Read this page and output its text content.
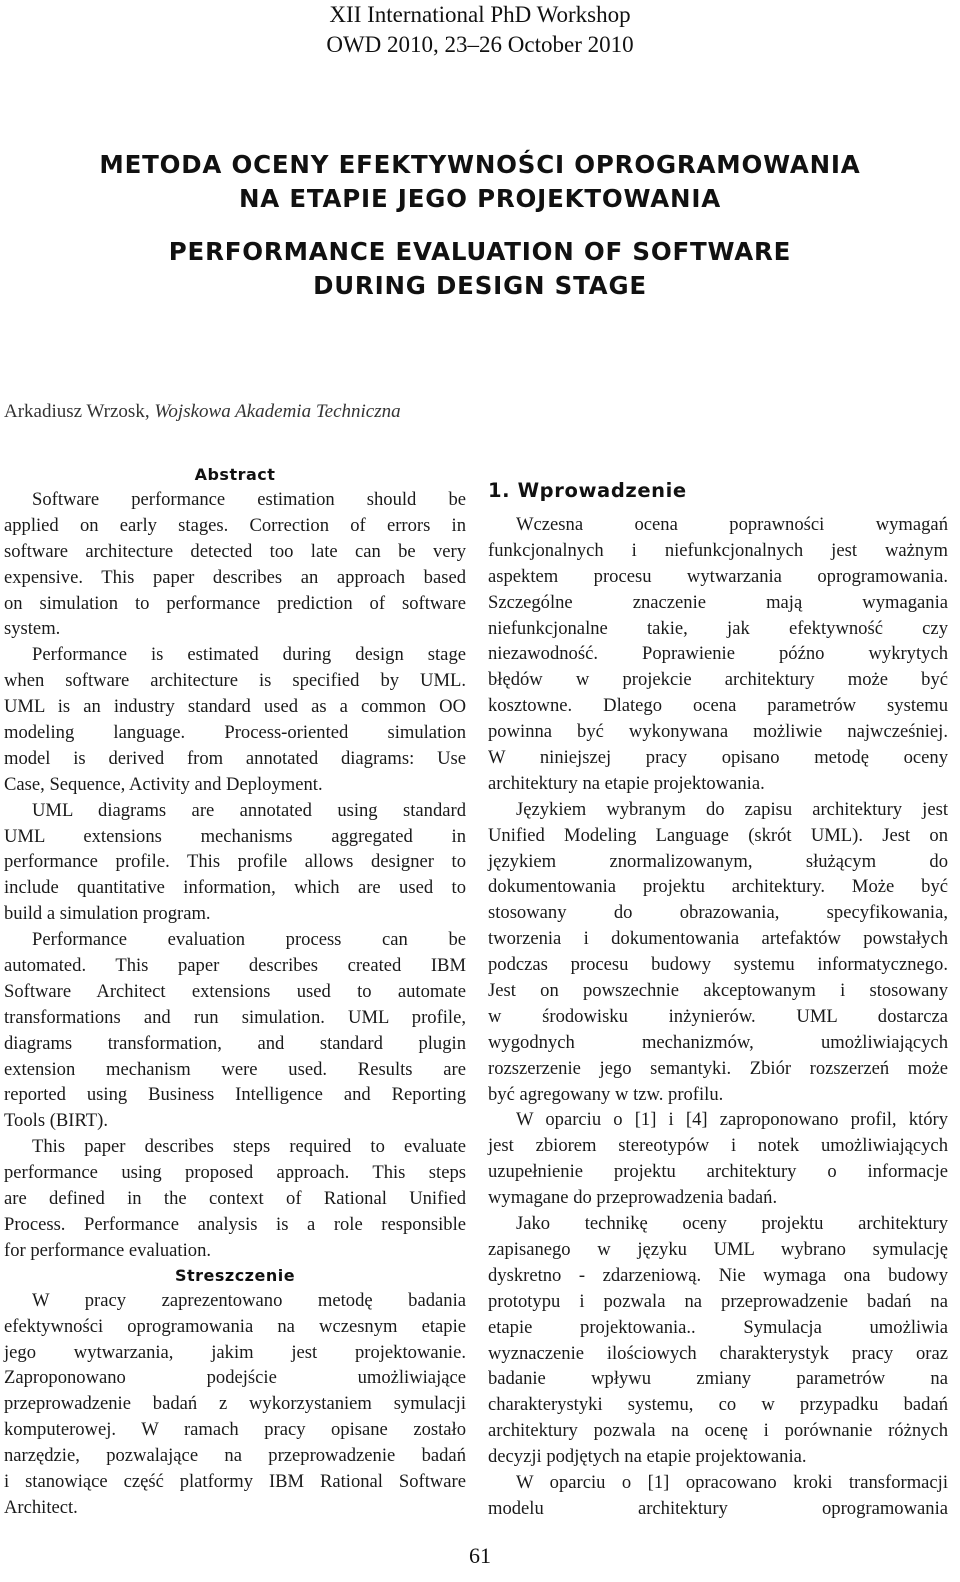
XII International PhD Workshop
OWD 2010, 23–26 October 2010
METODA OCENY EFEKTYWNOŚCI OPROGRAMOWANIA
NA ETAPIE JEGO PROJEKTOWANIA
PERFORMANCE EVALUATION OF SOFTWARE
DURING DESIGN STAGE
Arkadiusz Wrzosk, Wojskowa Akademia Techniczna
Abstract
Software performance estimation should be
applied on early stages. Correction of errors in
software architecture detected too late can be very
expensive. This paper describes an approach based
on simulation to performance prediction of software
system.
Performance is estimated during design stage
when software architecture is specified by UML.
UML is an industry standard used as a common OO
modeling language. Process-oriented simulation
model is derived from annotated diagrams: Use
Case, Sequence, Activity and Deployment.
UML diagrams are annotated using standard
UML extensions mechanisms aggregated in
performance profile. This profile allows designer to
include quantitative information, which are used to
build a simulation program.
Performance evaluation process can be
automated. This paper describes created IBM
Software Architect extensions used to automate
transformations and run simulation. UML profile,
diagrams transformation, and standard plugin
extension mechanism were used. Results are
reported using Business Intelligence and Reporting
Tools (BIRT).
This paper describes steps required to evaluate
performance using proposed approach. This steps
are defined in the context of Rational Unified
Process. Performance analysis is a role responsible
for performance evaluation.
Streszczenie
W pracy zaprezentowano metodę badania
efektywności oprogramowania na wczesnym etapie
jego wytwarzania, jakim jest projektowanie.
Zaproponowano podejście umożliwiające
przeprowadzenie badań z wykorzystaniem symulacji
komputerowej. W ramach pracy opisane zostało
narzędzie, pozwalające na przeprowadzenie badań
i stanowiące część platformy IBM Rational Software
Architect.
1. Wprowadzenie
Wczesna ocena poprawności wymagań
funkcjonalnych i niefunkcjonalnych jest ważnym
aspektem procesu wytwarzania oprogramowania.
Szczególne znaczenie mają wymagania
niefunkcjonalne takie, jak efektywność czy
niezawodność. Poprawienie późno wykrytych
błędów w projekcie architektury może być
kosztowne. Dlatego ocena parametrów systemu
powinna być wykonywana możliwie najwcześniej.
W niniejszej pracy opisano metodę oceny
architektury na etapie projektowania.
Językiem wybranym do zapisu architektury jest
Unified Modeling Language (skrót UML). Jest on
językiem znormalizowanym, służącym do
dokumentowania projektu architektury. Może być
stosowany do obrazowania, specyfikowania,
tworzenia i dokumentowania artefaktów powstałych
podczas procesu budowy systemu informatycznego.
Jest on powszechnie akceptowanym i stosowany
w środowisku inżynierów. UML dostarcza
wygodnych mechanizmów, umożliwiających
rozszerzenie jego semantyki. Zbiór rozszerzeń może
być agregowany w tzw. profilu.
W oparciu o [1] i [4] zaproponowano profil, który
jest zbiorem stereotypów i notek umożliwiających
uzupełnienie projektu architektury o informacje
wymagane do przeprowadzenia badań.
Jako technikę oceny projektu architektury
zapisanego w języku UML wybrano symulację
dyskretno - zdarzeniową. Nie wymaga ona budowy
prototypu i pozwala na przeprowadzenie badań na
etapie projektowania.. Symulacja umożliwia
wyznaczenie ilościowych charakterystyk pracy oraz
badanie wpływu zmiany parametrów na
charakterystyki systemu, co w przypadku badań
architektury pozwala na ocenę i porównanie różnych
decyzji podjętych na etapie projektowania.
W oparciu o [1] opracowano kroki transformacji
modelu architektury oprogramowania
61
